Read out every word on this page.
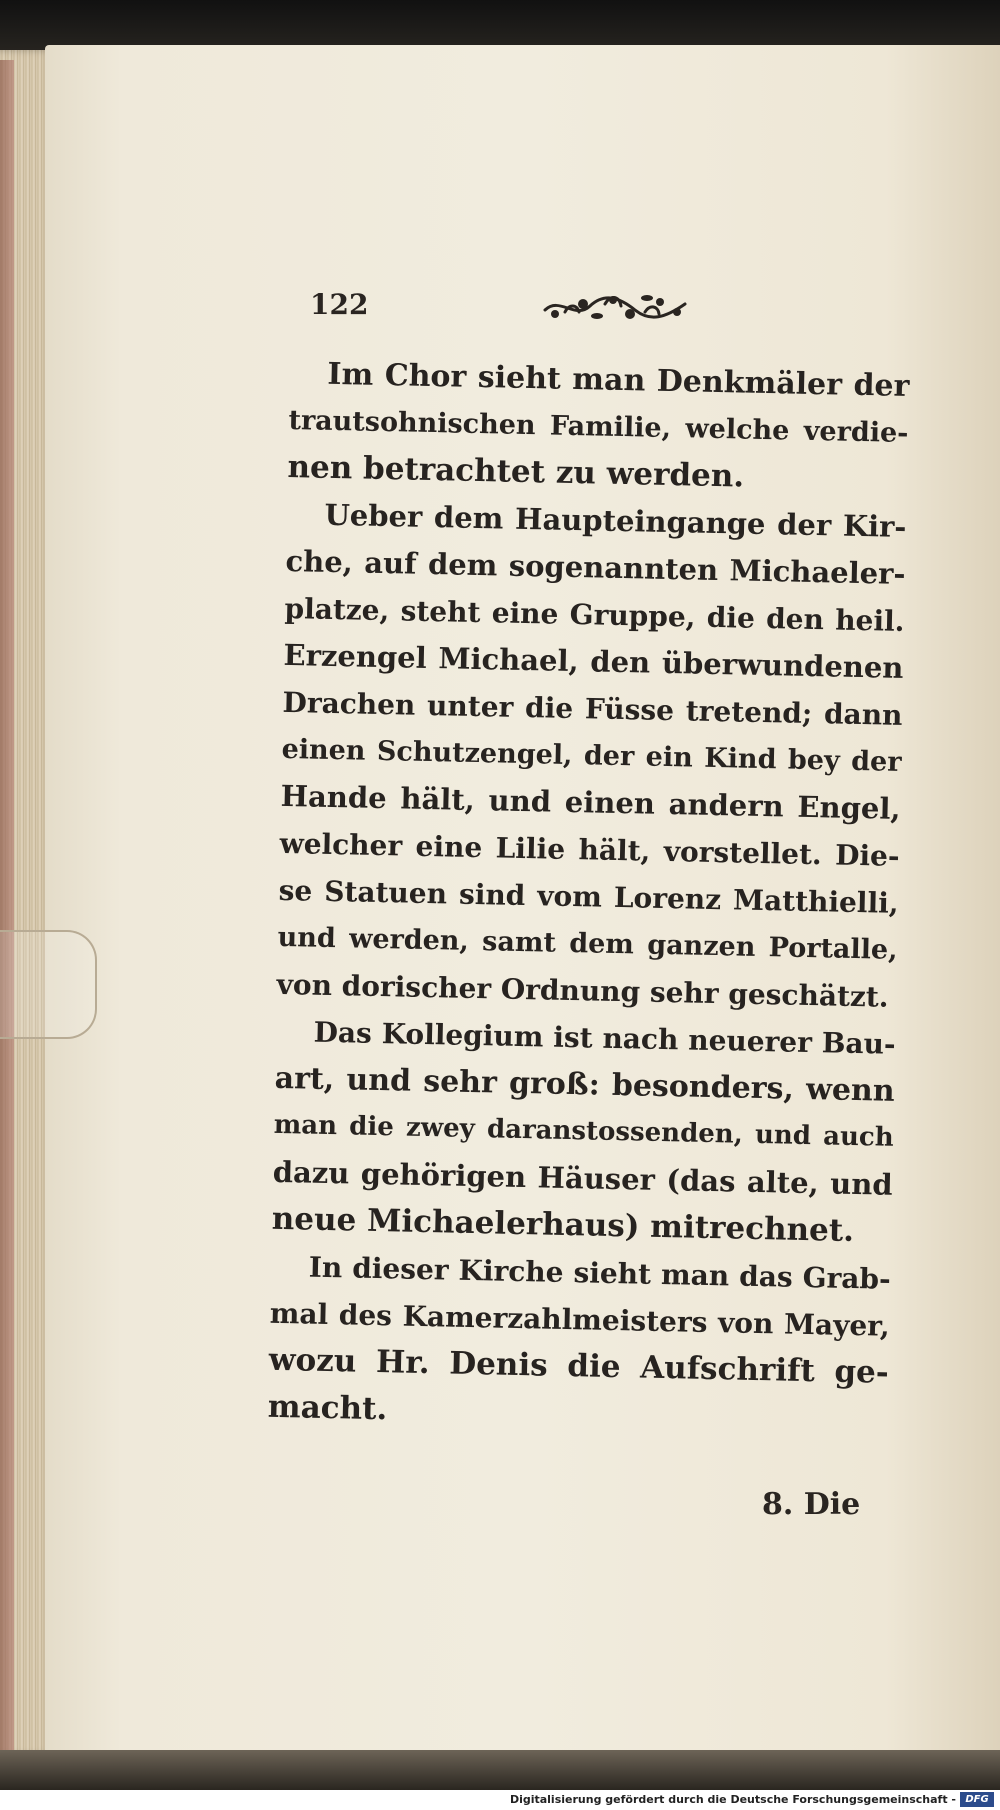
122
Im Chor sieht man Denkmäler der
trautsohnischen Familie, welche verdie-
nen betrachtet zu werden.
Ueber dem Haupteingange der Kir-
che, auf dem sogenannten Michaeler-
platze, steht eine Gruppe, die den heil.
Erzengel Michael, den überwundenen
Drachen unter die Füsse tretend; dann
einen Schutzengel, der ein Kind bey der
Hande hält, und einen andern Engel,
welcher eine Lilie hält, vorstellet. Die-
se Statuen sind vom Lorenz Matthielli,
und werden, samt dem ganzen Portalle,
von dorischer Ordnung sehr geschätzt.
Das Kollegium ist nach neuerer Bau-
art, und sehr groß: besonders, wenn
man die zwey daranstossenden, und auch
dazu gehörigen Häuser (das alte, und
neue Michaelerhaus) mitrechnet.
In dieser Kirche sieht man das Grab-
mal des Kamerzahlmeisters von Mayer,
wozu Hr. Denis die Aufschrift ge-
macht.
8. Die
Digitalisierung gefördert durch die Deutsche Forschungsgemeinschaft - DFG
